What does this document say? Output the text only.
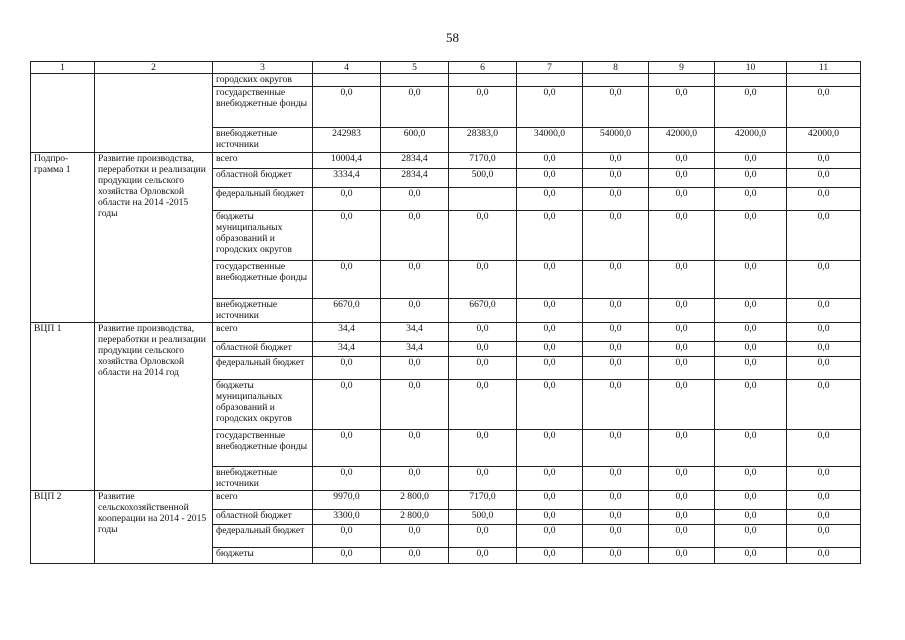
58
1	2	3	4	5	6	7	8	9	10	11
		городских округов								
		государственные внебюджетные фонды	0,0	0,0	0,0	0,0	0,0	0,0	0,0	0,0
		внебюджетные источники	242983	600,0	28383,0	34000,0	54000,0	42000,0	42000,0	42000,0
Подпро-грамма 1	Развитие производства, переработки и реализации продукции сельского хозяйства Орловской области на 2014 -2015 годы	всего	10004,4	2834,4	7170,0	0,0	0,0	0,0	0,0	0,0
		областной бюджет	3334,4	2834,4	500,0	0,0	0,0	0,0	0,0	0,0
		федеральный бюджет	0,0	0,0		0,0	0,0	0,0	0,0	0,0
		бюджеты муниципальных образований и городских округов	0,0	0,0	0,0	0,0	0,0	0,0	0,0	0,0
		государственные внебюджетные фонды	0,0	0,0	0,0	0,0	0,0	0,0	0,0	0,0
		внебюджетные источники	6670,0	0,0	6670,0	0,0	0,0	0,0	0,0	0,0
ВЦП 1	Развитие производства, переработки и реализации продукции сельского хозяйства Орловской области на 2014 год	всего	34,4	34,4	0,0	0,0	0,0	0,0	0,0	0,0
		областной бюджет	34,4	34,4	0,0	0,0	0,0	0,0	0,0	0,0
		федеральный бюджет	0,0	0,0	0,0	0,0	0,0	0,0	0,0	0,0
		бюджеты муниципальных образований и городских округов	0,0	0,0	0,0	0,0	0,0	0,0	0,0	0,0
		государственные внебюджетные фонды	0,0	0,0	0,0	0,0	0,0	0,0	0,0	0,0
		внебюджетные источники	0,0	0,0	0,0	0,0	0,0	0,0	0,0	0,0
ВЦП 2	Развитие сельскохозяйственной кооперации на 2014 - 2015 годы	всего	9970,0	2 800,0	7170,0	0,0	0,0	0,0	0,0	0,0
		областной бюджет	3300,0	2 800,0	500,0	0,0	0,0	0,0	0,0	0,0
		федеральный бюджет	0,0	0,0	0,0	0,0	0,0	0,0	0,0	0,0
		бюджеты	0,0	0,0	0,0	0,0	0,0	0,0	0,0	0,0
